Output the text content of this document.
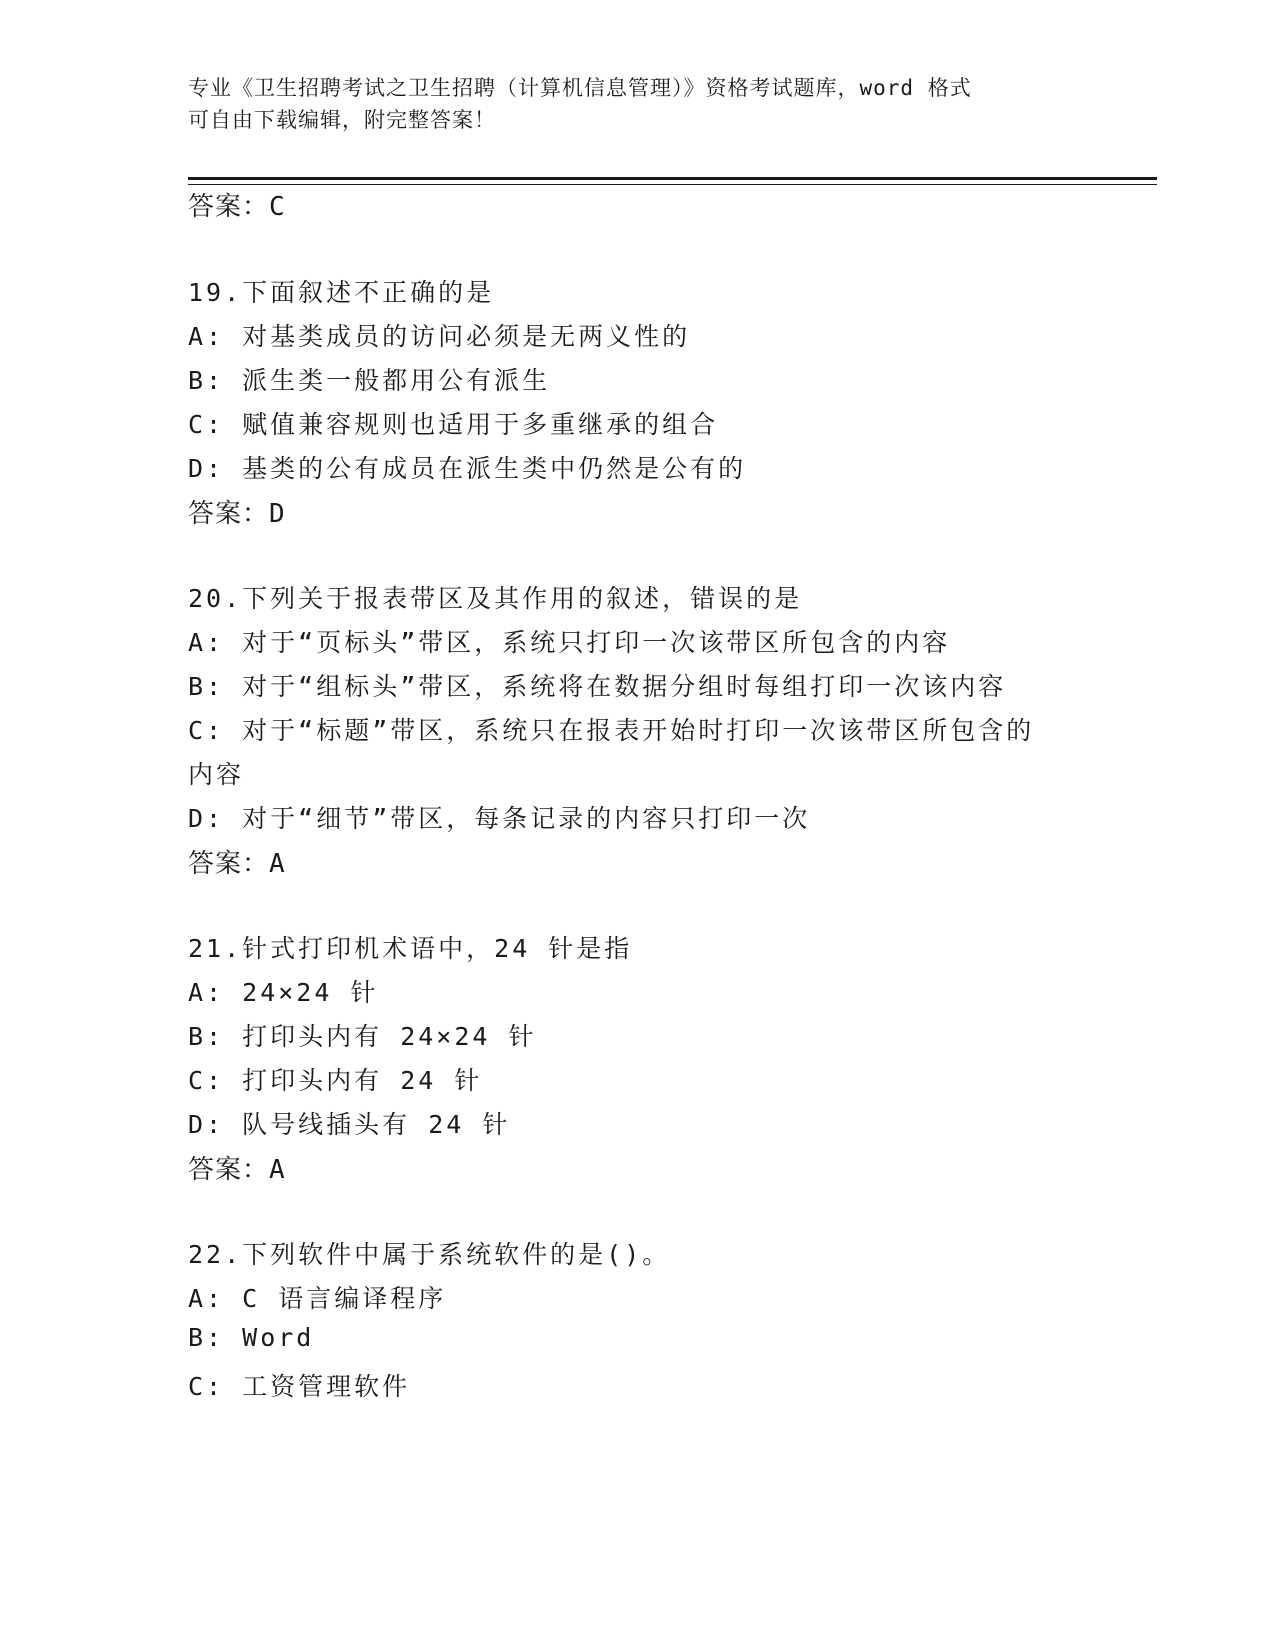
专业《卫生招聘考试之卫生招聘（计算机信息管理）》资格考试题库，word 格式
可自由下载编辑，附完整答案！
答案：C
19.下面叙述不正确的是
A: 对基类成员的访问必须是无两义性的
B: 派生类一般都用公有派生
C: 赋值兼容规则也适用于多重继承的组合
D: 基类的公有成员在派生类中仍然是公有的
答案：D
20.下列关于报表带区及其作用的叙述，错误的是
A: 对于“页标头”带区，系统只打印一次该带区所包含的内容
B: 对于“组标头”带区，系统将在数据分组时每组打印一次该内容
C: 对于“标题”带区，系统只在报表开始时打印一次该带区所包含的
内容
D: 对于“细节”带区，每条记录的内容只打印一次
答案：A
21.针式打印机术语中，24 针是指
A: 24×24 针
B: 打印头内有 24×24 针
C: 打印头内有 24 针
D: 队号线插头有 24 针
答案：A
22.下列软件中属于系统软件的是()。
A: C 语言编译程序
B: Word
C: 工资管理软件
